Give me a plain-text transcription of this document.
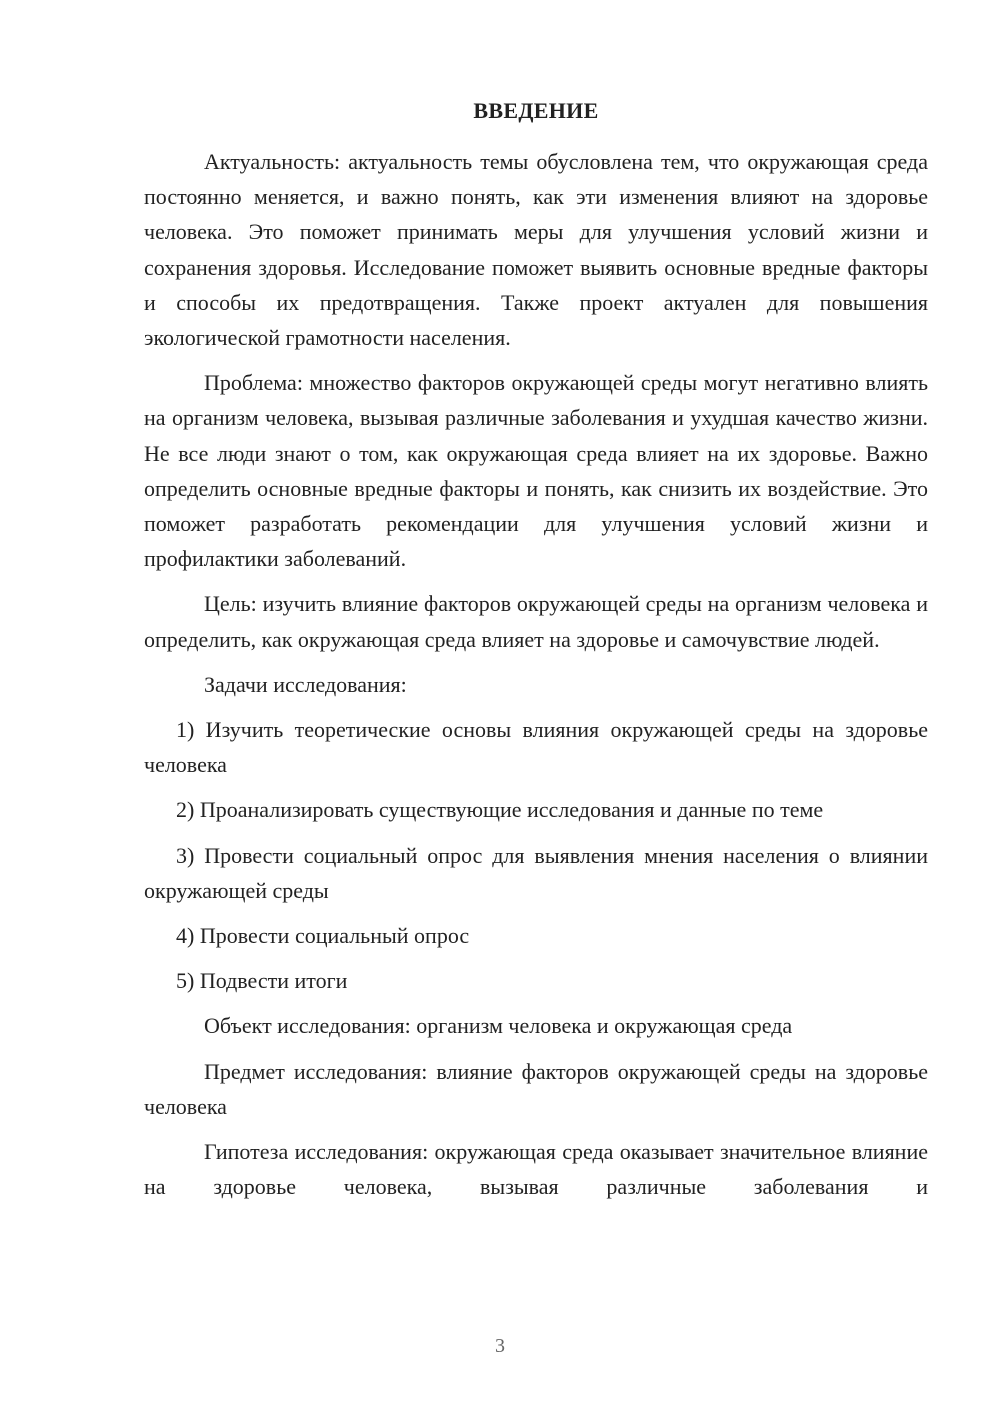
ВВЕДЕНИЕ

Актуальность: актуальность темы обусловлена тем, что окружающая среда постоянно меняется, и важно понять, как эти изменения влияют на здоровье человека. Это поможет принимать меры для улучшения условий жизни и сохранения здоровья. Исследование поможет выявить основные вредные факторы и способы их предотвращения. Также проект актуален для повышения экологической грамотности населения.

Проблема: множество факторов окружающей среды могут негативно влиять на организм человека, вызывая различные заболевания и ухудшая качество жизни. Не все люди знают о том, как окружающая среда влияет на их здоровье. Важно определить основные вредные факторы и понять, как снизить их воздействие. Это поможет разработать рекомендации для улучшения условий жизни и профилактики заболеваний.

Цель: изучить влияние факторов окружающей среды на организм человека и определить, как окружающая среда влияет на здоровье и самочувствие людей.

Задачи исследования:

1) Изучить теоретические основы влияния окружающей среды на здоровье человека

2) Проанализировать существующие исследования и данные по теме

3) Провести социальный опрос для выявления мнения населения о влиянии окружающей среды

4) Провести социальный опрос

5) Подвести итоги

Объект исследования: организм человека и окружающая среда

Предмет исследования: влияние факторов окружающей среды на здоровье человека

Гипотеза исследования: окружающая среда оказывает значительное влияние на здоровье человека, вызывая различные заболевания и

3
